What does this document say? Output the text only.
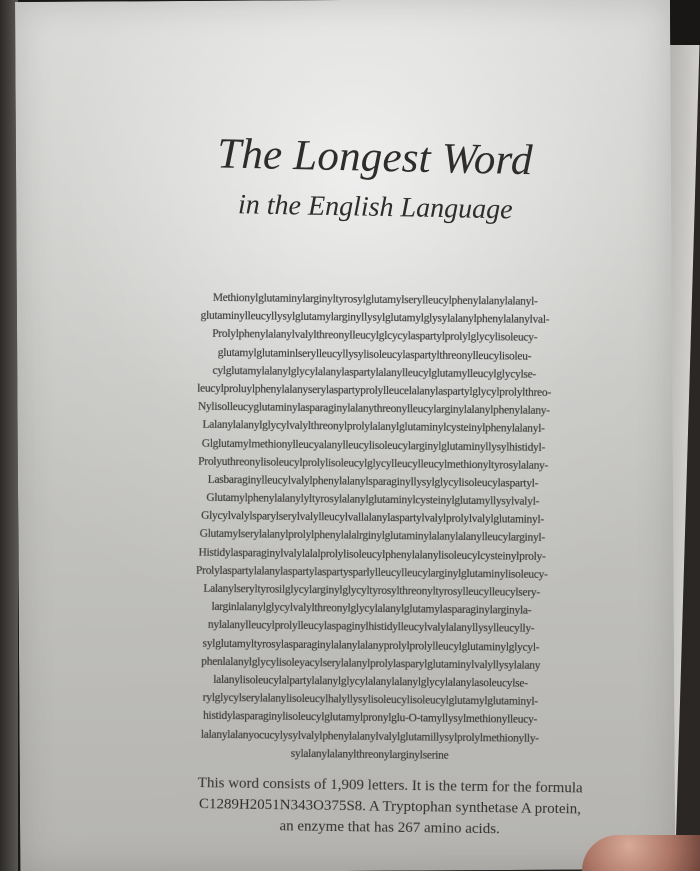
The Longest Word
in the English Language
Methionylglutaminylarginyltyrosylglutamylserylleucylphenylalanylalanyl-
glutaminylleucyllysylglutamylarginyllysylglutamylglysylalanylphenylalanylval-
Prolylphenylalanylvalylthreonylleucylglcycylaspartylprolylglycylisoleucy-
glutamylglutaminlserylleucyllysylisoleucylaspartylthreonylleucylisoleu-
cylglutamylalanylglycylalanylaspartylalanylleucylglutamylleucylglycylse-
leucylproluylphenylalanyserylaspartyprolylleucelalanylaspartylglycylprolylthreo-
Nylisolleucyglutaminylasparaginylalanythreonylleucylarginylalanylphenylalany-
Lalanylalanylglycylvalylthreonylprolylalanylglutaminylcysteinylphenylalanyl-
Glglutamylmethionylleucyalanylleucylisoleucylarginylglutaminyllysylhistidyl-
Prolyuthreonylisoleucylprolylisoleucylglycylleucylleucylmethionyltyrosylalany-
Lasbaraginylleucylvalylphenylalanylsparaginyllysylglycylisoleucylaspartyl-
Glutamylphenylalanylyltyrosylalanylglutaminylcysteinylglutamyllysylvalyl-
Glycylvalylsparylserylvalylleucylvallalanylaspartylvalylprolylvalylglutaminyl-
Glutamylserylalanylprolylphenylalalrginylglutaminylalanylalanylleucylarginyl-
Histidylasparaginylvalylalalprolylisoleucylphenylalanylisoleucylcysteinylproly-
Prolylaspartylalanylaspartylaspartysparlylleucylleucylarginylglutaminylisoleucy-
Lalanylseryltyrosilglycylarginylglycyltyrosylthreonyltyrosylleucylleucylsery-
larginlalanylglycylvalylthreonylglycylalanylglutamylasparaginylarginyla-
nylalanylleucylprolylleucylaspaginylhistidylleucylvalylalanyllysylleucylly-
sylglutamyltyrosylasparaginylalanylalanyprolylprolylleucylglutaminylglycyl-
phenlalanylglycylisoleyacylserylalanylprolylasparylglutaminylvalyllysylalany
lalanylisoleucylalpartylalanylglycylalanylalanylglycylalanylasoleucylse-
rylglycylserylalanylisoleucylhalyllysylisoleucylisoleucylglutamylglutaminyl-
histidylasparaginylisoleucylglutamylpronylglu-O-tamyllysylmethionylleucy-
lalanylalanyocucylysylvalylphenylalanylvalylglutamillysylprolylmethionylly-
sylalanylalanylthreonylarginylserine
This word consists of 1,909 letters. It is the term for the formula
C1289H2051N343O375S8. A Tryptophan synthetase A protein,
an enzyme that has 267 amino acids.
